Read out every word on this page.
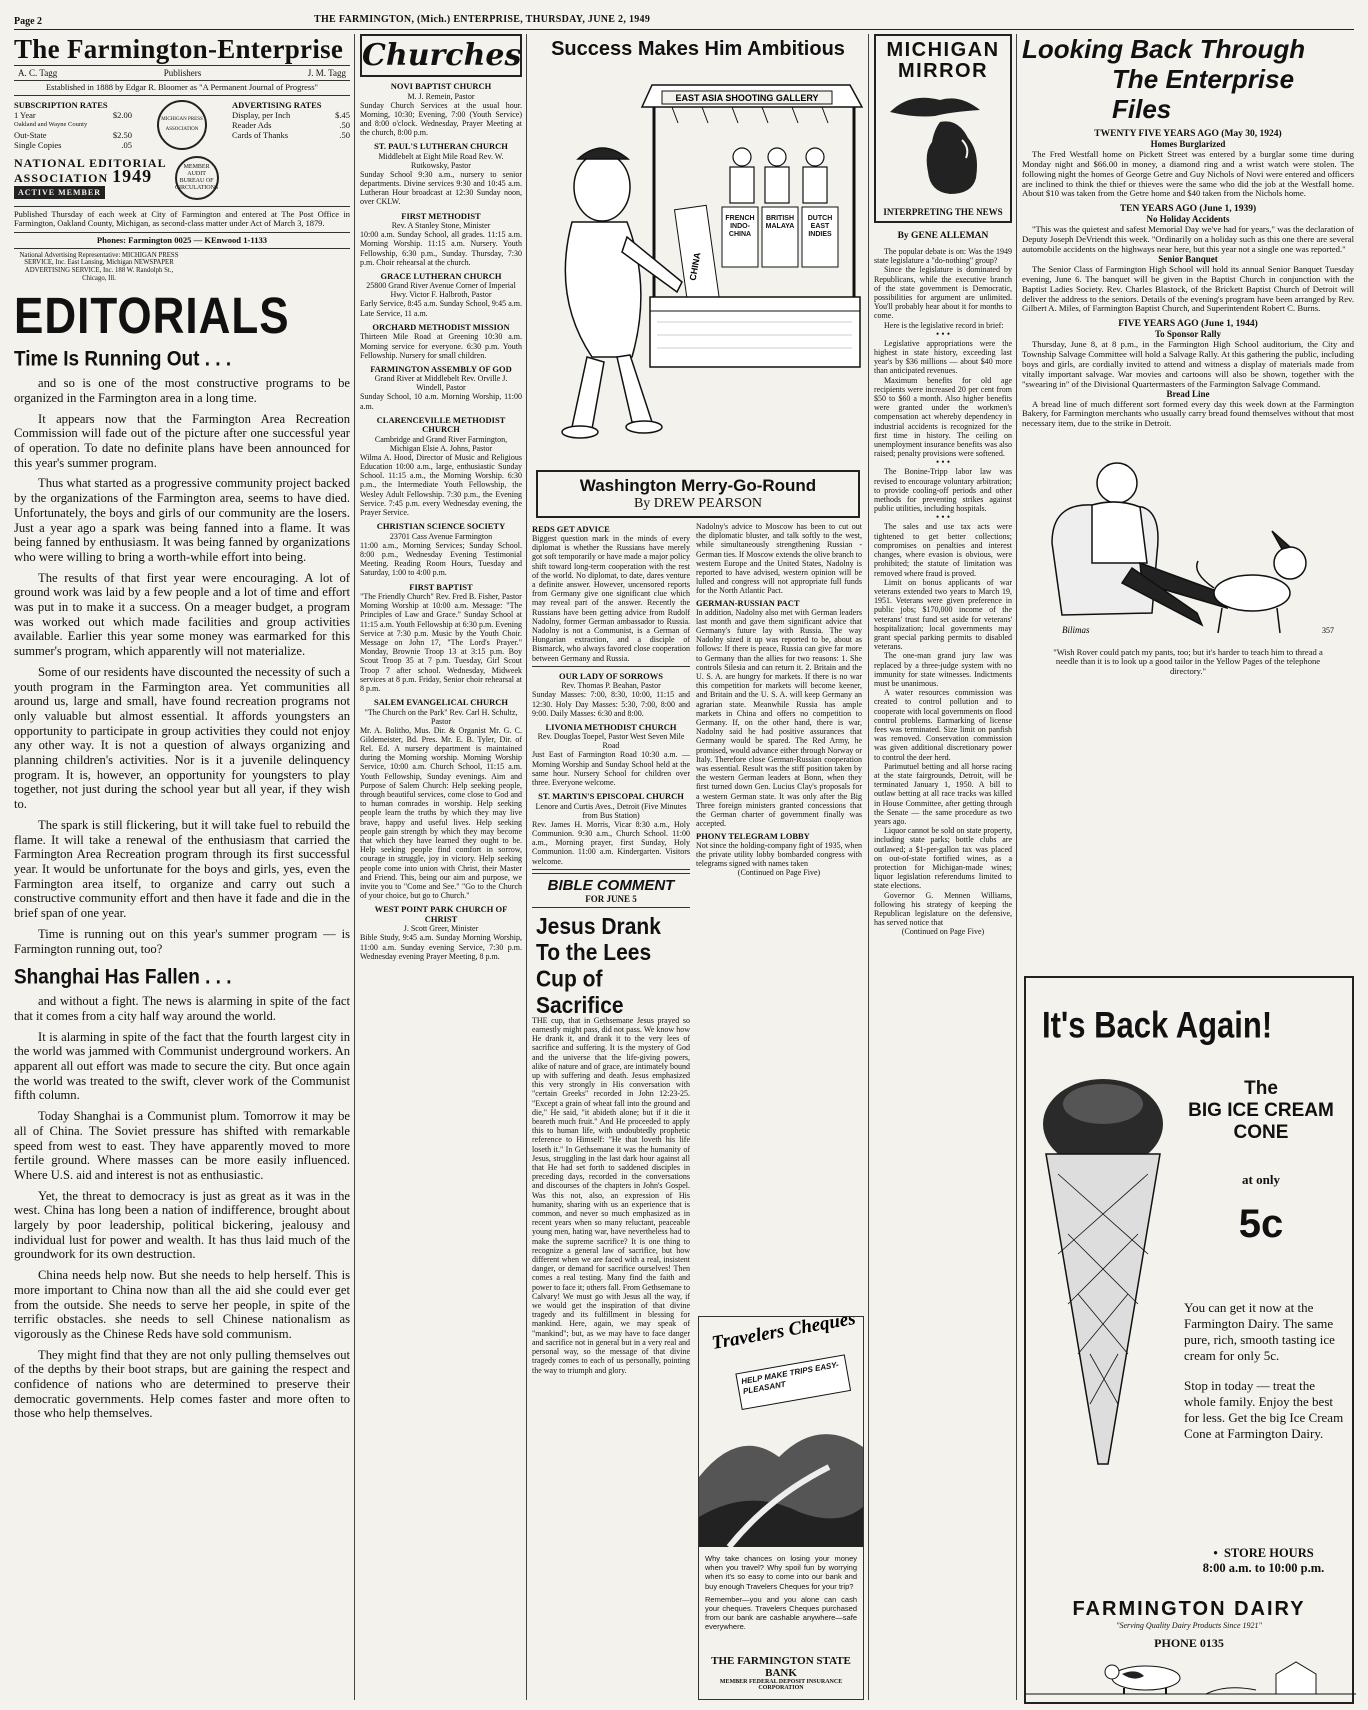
Page 2	THE FARMINGTON, (Mich.) ENTERPRISE, THURSDAY, JUNE 2, 1949
The Farmington-Enterprise
A. C. Tagg	Publishers	J. M. Tagg
Established in 1888 by Edgar R. Bloomer as "A Permanent Journal of Progress"
SUBSCRIPTION RATES
1 Year	$2.00
Oakland and Wayne County
Out-State	$2.50
Single Copies	.05
MICHIGAN PRESS ASSOCIATION
ADVERTISING RATES
Display, per Inch	$.45
Reader Ads	.50
Cards of Thanks	.50
NATIONAL EDITORIAL
ASSOCIATION 1949
ACTIVE MEMBER
MEMBER AUDIT BUREAU OF CIRCULATIONS
Published Thursday of each week at City of Farmington and entered at The Post Office in Farmington, Oakland County, Michigan, as second-class matter under Act of March 3, 1879.
Phones: Farmington 0025 — KEnwood 1-1133
National Advertising Representative: MICHIGAN PRESS SERVICE, Inc. East Lansing, Michigan NEWSPAPER ADVERTISING SERVICE, Inc. 188 W. Randolph St., Chicago, Ill.
EDITORIALS
Time Is Running Out . . .

and so is one of the most constructive programs to be organized in the Farmington area in a long time.

It appears now that the Farmington Area Recreation Commission will fade out of the picture after one successful year of operation. To date no definite plans have been announced for this year's summer program.

Thus what started as a progressive community project backed by the organizations of the Farmington area, seems to have died. Unfortunately, the boys and girls of our community are the losers. Just a year ago a spark was being fanned into a flame. It was being fanned by enthusiasm. It was being fanned by organizations who were willing to bring a worth-while effort into being.

The results of that first year were encouraging. A lot of ground work was laid by a few people and a lot of time and effort was put in to make it a success. On a meager budget, a program was worked out which made facilities and group activities available. Earlier this year some money was earmarked for this summer's program, which apparently will not materialize.

Some of our residents have discounted the necessity of such a youth program in the Farmington area. Yet communities all around us, large and small, have found recreation programs not only valuable but almost essential. It affords youngsters an opportunity to participate in group activities they could not enjoy any other way. It is not a question of always organizing and planning children's activities. Nor is it a juvenile delinquency program. It is, however, an opportunity for youngsters to play together, not just during the school year but all year, if they wish to.

The spark is still flickering, but it will take fuel to rebuild the flame. It will take a renewal of the enthusiasm that carried the Farmington Area Recreation program through its first successful year. It would be unfortunate for the boys and girls, yes, even the Farmington area itself, to organize and carry out such a constructive community effort and then have it fade and die in the brief span of one year.

Time is running out on this year's summer program — is Farmington running out, too?

Shanghai Has Fallen . . .

and without a fight. The news is alarming in spite of the fact that it comes from a city half way around the world.

It is alarming in spite of the fact that the fourth largest city in the world was jammed with Communist underground workers. An apparent all out effort was made to secure the city. But once again the world was treated to the swift, clever work of the Communist fifth column.

Today Shanghai is a Communist plum. Tomorrow it may be all of China. The Soviet pressure has shifted with remarkable speed from west to east. They have apparently moved to more fertile ground. Where masses can be more easily influenced. Where U.S. aid and interest is not as enthusiastic.

Yet, the threat to democracy is just as great as it was in the west. China has long been a nation of indifference, brought about largely by poor leadership, political bickering, jealousy and individual lust for power and wealth. It has thus laid much of the groundwork for its own destruction.

China needs help now. But she needs to help herself. This is more important to China now than all the aid she could ever get from the outside. She needs to serve her people, in spite of the terrific obstacles. she needs to sell Chinese nationalism as vigorously as the Chinese Reds have sold communism.

They might find that they are not only pulling themselves out of the depths by their boot straps, but are gaining the respect and confidence of nations who are determined to preserve their democratic governments. Help comes faster and more often to those who help themselves.

Churches
NOVI BAPTIST CHURCH
M. J. Remein, Pastor
Sunday Church Services at the usual hour. Morning, 10:30; Evening, 7:00 (Youth Service) and 8:00 o'clock. Wednesday, Prayer Meeting at the church, 8:00 p.m.
ST. PAUL'S LUTHERAN CHURCH
Middlebelt at Eight Mile Road Rev. W. Rutkowsky, Pastor
Sunday School 9:30 a.m., nursery to senior departments. Divine services 9:30 and 10:45 a.m. Lutheran Hour broadcast at 12:30 Sunday noon, over CKLW.
FIRST METHODIST
Rev. A Stanley Stone, Minister
10:00 a.m. Sunday School, all grades. 11:15 a.m. Morning Worship. 11:15 a.m. Nursery. Youth Fellowship, 6:30 p.m., Sunday. Thursday, 7:30 p.m. Choir rehearsal at the church.
GRACE LUTHERAN CHURCH
25800 Grand River Avenue Corner of Imperial Hwy. Victor F. Halbroth, Pastor
Early Service, 8:45 a.m. Sunday School, 9:45 a.m. Late Service, 11 a.m.
ORCHARD METHODIST MISSION
Thirteen Mile Road at Greening 10:30 a.m. Morning service for everyone. 6:30 p.m. Youth Fellowship. Nursery for small children.
FARMINGTON ASSEMBLY OF GOD
Grand River at Middlebelt Rev. Orville J. Windell, Pastor
Sunday School, 10 a.m. Morning Worship, 11:00 a.m.
CLARENCEVILLE METHODIST CHURCH
Cambridge and Grand River Farmington, Michigan Elsie A. Johns, Pastor
Wilma A. Hood, Director of Music and Religious Education 10:00 a.m., large, enthusiastic Sunday School. 11:15 a.m., the Morning Worship. 6:30 p.m., the Intermediate Youth Fellowship, the Wesley Adult Fellowship. 7:30 p.m., the Evening Service. 7:45 p.m. every Wednesday evening, the Prayer Service.
CHRISTIAN SCIENCE SOCIETY
23701 Cass Avenue Farmington
11:00 a.m., Morning Services; Sunday School. 8:00 p.m., Wednesday Evening Testimonial Meeting. Reading Room Hours, Tuesday and Saturday, 1:00 to 4:00 p.m.
FIRST BAPTIST
"The Friendly Church" Rev. Fred B. Fisher, Pastor
Morning Worship at 10:00 a.m. Message: "The Principles of Law and Grace." Sunday School at 11:15 a.m. Youth Fellowship at 6:30 p.m. Evening Service at 7:30 p.m. Music by the Youth Choir. Message on John 17, "The Lord's Prayer." Monday, Brownie Troop 13 at 3:15 p.m. Boy Scout Troop 35 at 7 p.m. Tuesday, Girl Scout Troop 7 after school. Wednesday, Midweek services at 8 p.m. Friday, Senior choir rehearsal at 8 p.m.
SALEM EVANGELICAL CHURCH
"The Church on the Park" Rev. Carl H. Schultz, Pastor
Mr. A. Bolitho, Mus. Dir. & Organist Mr. G. C. Gildemeister, Bd. Pres. Mr. E. B. Tyler, Dir. of Rel. Ed. A nursery department is maintained during the Morning worship. Morning Worship Service, 10:00 a.m. Church School, 11:15 a.m. Youth Fellowship, Sunday evenings. Aim and Purpose of Salem Church: Help seeking people, through beautiful services, come close to God and to human comrades in worship. Help seeking people learn the truths by which they may live brave, happy and useful lives. Help seeking people gain strength by which they may become that which they have learned they ought to be. Help seeking people find comfort in sorrow, courage in struggle, joy in victory. Help seeking people come into union with Christ, their Master and Friend. This, being our aim and purpose, we invite you to "Come and See." "Go to the Church of your choice, but go to Church."
WEST POINT PARK CHURCH OF CHRIST
J. Scott Greer, Minister
Bible Study, 9:45 a.m. Sunday Morning Worship, 11:00 a.m. Sunday evening Service, 7:30 p.m. Wednesday evening Prayer Meeting, 8 p.m.
Success Makes Him Ambitious
EAST ASIA SHOOTING GALLERY
CHINA
FRENCH INDO-CHINA
BRITISH MALAYA
DUTCH EAST INDIES
Washington Merry-Go-Round
By DREW PEARSON
REDS GET ADVICE
Biggest question mark in the minds of every diplomat is whether the Russians have merely got soft temporarily or have made a major policy shift toward long-term cooperation with the rest of the world. No diplomat, to date, dares venture a definite answer. However, uncensored reports from Germany give one significant clue which may reveal part of the answer. Recently the Russians have been getting advice from Rudolf Nadolny, former German ambassador to Russia. Nadolny is not a Communist, is a German of Hungarian extraction, and a disciple of Bismarck, who always favored close cooperation between Germany and Russia.
OUR LADY OF SORROWS
Rev. Thomas P. Beahan, Pastor
Sunday Masses: 7:00, 8:30, 10:00, 11:15 and 12:30. Holy Day Masses: 5:30, 7:00, 8:00 and 9:00. Daily Masses: 6:30 and 8:00.
LIVONIA METHODIST CHURCH
Rev. Douglas Toepel, Pastor West Seven Mile Road
Just East of Farmington Road 10:30 a.m. — Morning Worship and Sunday School held at the same hour. Nursery School for children over three. Everyone welcome.
ST. MARTIN'S EPISCOPAL CHURCH
Lenore and Curtis Aves., Detroit (Five Minutes from Bus Station)
Rev. James H. Morris, Vicar 8:30 a.m., Holy Communion. 9:30 a.m., Church School. 11:00 a.m., Morning prayer, first Sunday, Holy Communion. 11:00 a.m. Kindergarten. Visitors welcome.
BIBLE COMMENT
FOR JUNE 5
Jesus Drank To the Lees Cup of Sacrifice
THE cup, that in Gethsemane Jesus prayed so earnestly might pass, did not pass. We know how He drank it, and drank it to the very lees of sacrifice and suffering. It is the mystery of God and the universe that the life-giving powers, alike of nature and of grace, are intimately bound up with suffering and death. Jesus emphasized this very strongly in His conversation with "certain Greeks" recorded in John 12:23-25. "Except a grain of wheat fall into the ground and die," He said, "it abideth alone; but if it die it beareth much fruit." And He proceeded to apply this to human life, with undoubtedly prophetic reference to Himself: "He that loveth his life loseth it." In Gethsemane it was the humanity of Jesus, struggling in the last dark hour against all that He had set forth to saddened disciples in preceding days, recorded in the conversations and discourses of the chapters in John's Gospel. Was this not, also, an expression of His humanity, sharing with us an experience that is common, and never so much emphasized as in recent years when so many reluctant, peaceable young men, hating war, have nevertheless had to make the supreme sacrifice? It is one thing to recognize a general law of sacrifice, but how different when we are faced with a real, insistent danger, or demand for sacrifice ourselves! Then comes a real testing. Many find the faith and power to face it; others fall. From Gethsemane to Calvary! We must go with Jesus all the way, if we would get the inspiration of that divine tragedy and its fulfillment in blessing for mankind. Here, again, we may speak of "mankind"; but, as we may have to face danger and sacrifice not in general but in a very real and personal way, so the message of that divine tragedy comes to each of us personally, pointing the way to triumph and glory.
Nadolny's advice to Moscow has been to cut out the diplomatic bluster, and talk softly to the west, while simultaneously strengthening Russian - German ties. If Moscow extends the olive branch to western Europe and the United States, Nadolny is reported to have advised, western opinion will be lulled and congress will not appropriate full funds for the North Atlantic Pact.
GERMAN-RUSSIAN PACT
In addition, Nadolny also met with German leaders last month and gave them significant advice that Germany's future lay with Russia. The way Nadolny sized it up was reported to be, about as follows: If there is peace, Russia can give far more to Germany than the allies for two reasons: 1. She controls Silesia and can return it. 2. Britain and the U. S. A. are hungry for markets. If there is no war this competition for markets will become keener, and Britain and the U. S. A. will keep Germany an agrarian state. Meanwhile Russia has ample markets in China and offers no competition to Germany. If, on the other hand, there is war, Nadolny said he had positive assurances that Germany would be spared. The Red Army, he promised, would advance either through Norway or Italy. Therefore close German-Russian cooperation was essential. Result was the stiff position taken by the western German leaders at Bonn, when they first turned down Gen. Lucius Clay's proposals for a western German state. It was only after the Big Three foreign ministers granted concessions that the German charter of government finally was accepted.
PHONY TELEGRAM LOBBY
Not since the holding-company fight of 1935, when the private utility lobby bombarded congress with telegrams signed with names taken
(Continued on Page Five)
Travelers Cheques
HELP MAKE TRIPS EASY-PLEASANT
Why take chances on losing your money when you travel? Why spoil fun by worrying when it's so easy to come into our bank and buy enough Travelers Cheques for your trip?
Remember—you and you alone can cash your cheques. Travelers Cheques purchased from our bank are cashable anywhere—safe everywhere.
THE FARMINGTON STATE BANK
MEMBER FEDERAL DEPOSIT INSURANCE CORPORATION
MICHIGAN
MIRROR
INTERPRETING THE NEWS
By GENE ALLEMAN

The popular debate is on: Was the 1949 state legislature a "do-nothing" group?

Since the legislature is dominated by Republicans, while the executive branch of the state government is Democratic, possibilities for argument are unlimited. You'll probably hear about it for months to come.

Here is the legislative record in brief:

• • •

Legislative appropriations were the highest in state history, exceeding last year's by $36 millions — about $40 more than anticipated revenues.

Maximum benefits for old age recipients were increased 20 per cent from $50 to $60 a month. Also higher benefits were granted under the workmen's compensation act whereby dependency in industrial accidents is recognized for the first time in history. The ceiling on unemployment insurance benefits was also raised; penalty provisions were softened.

• • •

The Bonine-Tripp labor law was revised to encourage voluntary arbitration; to provide cooling-off periods and other methods for preventing strikes against public utilities, including hospitals.

• • •

The sales and use tax acts were tightened to get better collections; compromises on penalties and interest changes, where evasion is obvious, were prohibited; the statute of limitation was removed where fraud is proved.

Limit on bonus applicants of war veterans extended two years to March 19, 1951. Veterans were given preference in public jobs; $170,000 income of the veterans' trust fund set aside for veterans' hospitalization; local governments may grant special parking permits to disabled veterans.

The one-man grand jury law was replaced by a three-judge system with no immunity for state witnesses. Indictments must be unanimous.

A water resources commission was created to control pollution and to cooperate with local governments on flood control problems. Earmarking of license fees was terminated. Size limit on panfish was removed. Conservation commission was given additional discretionary power to control the deer herd.

Parimutuel betting and all horse racing at the state fairgrounds, Detroit, will be terminated January 1, 1950. A bill to outlaw betting at all race tracks was killed in House Committee, after getting through the Senate — the same procedure as two years ago.

Liquor cannot be sold on state property, including state parks; bottle clubs are outlawed; a $1-per-gallon tax was placed on out-of-state fortified wines, as a protection for Michigan-made wines; liquor legislation referendums limited to state elections.

Governor G. Mennen Williams, following his strategy of keeping the Republican legislature on the defensive, has served notice that

(Continued on Page Five)
Looking Back Through
The Enterprise Files
TWENTY FIVE YEARS AGO (May 30, 1924)
Homes Burglarized

The Fred Westfall home on Pickett Street was entered by a burglar some time during Monday night and $66.00 in money, a diamond ring and a wrist watch were stolen. The following night the homes of George Getre and Guy Nichols of Novi were entered and officers are inclined to think the thief or thieves were the same who did the job at the Westfall home. About $10 was taken from the Getre home and $40 taken from the Nichols home.

TEN YEARS AGO (June 1, 1939)
No Holiday Accidents

"This was the quietest and safest Memorial Day we've had for years," was the declaration of Deputy Joseph DeVriendt this week. "Ordinarily on a holiday such as this one there are several automobile accidents on the highways near here, but this year not a single one was reported."

Senior Banquet

The Senior Class of Farmington High School will hold its annual Senior Banquet Tuesday evening, June 6. The banquet will be given in the Baptist Church in conjunction with the Baptist Ladies Society. Rev. Charles Blastock, of the Brickett Baptist Church of Detroit will deliver the address to the seniors. Details of the evening's program have been arranged by Rev. Gilbert A. Miles, of Farmington Baptist Church, and Superintendent Robert C. Burns.

FIVE YEARS AGO (June 1, 1944)
To Sponsor Rally

Thursday, June 8, at 8 p.m., in the Farmington High School auditorium, the City and Township Salvage Committee will hold a Salvage Rally. At this gathering the public, including boys and girls, are cordially invited to attend and witness a display of materials made from vitally important salvage. War movies and cartoons will also be shown, together with the "swearing in" of the Divisional Quartermasters of the Farmington Salvage Command.

Bread Line

A bread line of much different sort formed every day this week down at the Farmington Bakery, for Farmington merchants who usually carry bread found themselves without that most necessary item, due to the strike in Detroit.

Bilimas	357
"Wish Rover could patch my pants, too; but it's harder to teach him to thread a needle than it is to look up a good tailor in the Yellow Pages of the telephone directory."
It's Back Again!
The
BIG ICE CREAM
CONE
at only
5c

You can get it now at the Farmington Dairy. The same pure, rich, smooth tasting ice cream for only 5c.

Stop in today — treat the whole family. Enjoy the best for less. Get the big Ice Cream Cone at Farmington Dairy.

•  STORE HOURS
8:00 a.m. to 10:00 p.m.
FARMINGTON DAIRY
"Serving Quality Dairy Products Since 1921"
PHONE 0135
